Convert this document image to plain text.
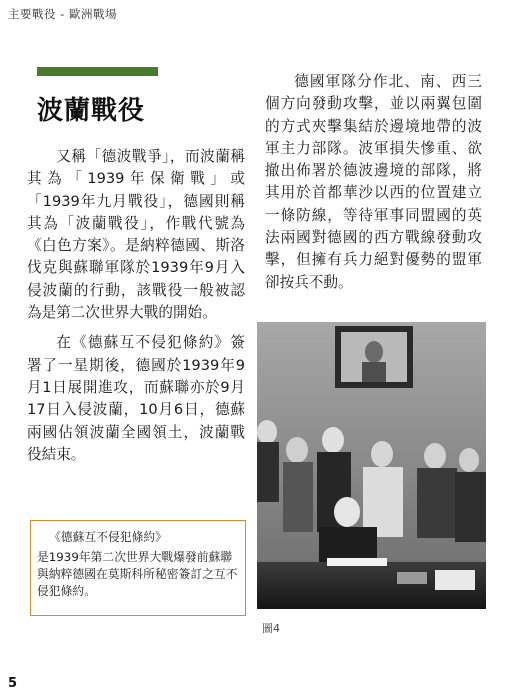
主要戰役 - 歐洲戰場
波蘭戰役

又稱「德波戰爭」，而波蘭稱其為「1939年保衛戰」或「1939年九月戰役」，德國則稱其為「波蘭戰役」，作戰代號為《白色方案》。是納粹德國、斯洛伐克與蘇聯軍隊於1939年9月入侵波蘭的行動，該戰役一般被認為是第二次世界大戰的開始。

在《德蘇互不侵犯條約》簽署了一星期後，德國於1939年9月1日展開進攻，而蘇聯亦於9月17日入侵波蘭，10月6日，德蘇兩國佔領波蘭全國領土，波蘭戰役結束。

德國軍隊分作北、南、西三個方向發動攻擊，並以兩翼包圍的方式夾擊集結於邊境地帶的波軍主力部隊。波軍損失慘重、欲撤出佈署於德波邊境的部隊，將其用於首都華沙以西的位置建立一條防線，等待軍事同盟國的英法兩國對德國的西方戰線發動攻擊，但擁有兵力絕對優勢的盟軍卻按兵不動。

《德蘇互不侵犯條約》
是1939年第二次世界大戰爆發前蘇聯與納粹德國在莫斯科所秘密簽訂之互不侵犯條約。
圖4
5
